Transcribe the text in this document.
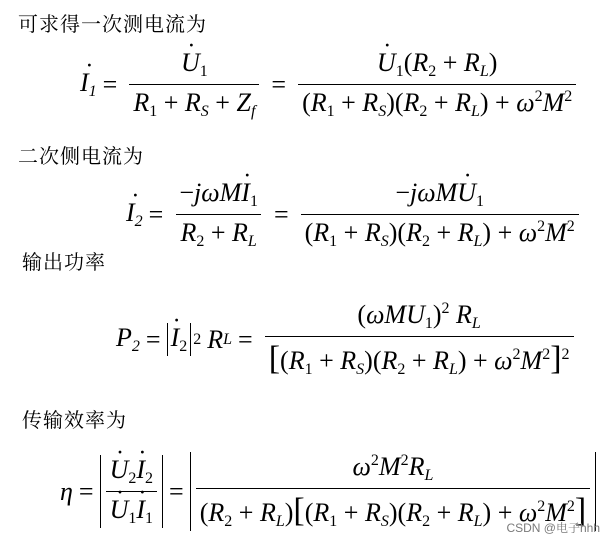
可求得一次测电流为
$I_1$ · = $\frac{U \cdot_1}{R_1 + R_S + Z_f} = \frac{U \cdot_1(R_2 + R_L)}{(R_1 + R_S)(R_2 + R_L) + \omega^2M^2}$
二次侧电流为
$I_2$ · = $\frac{-j\omega MI \cdot_1}{R_2 + R_L} = \frac{-j\omega MU \cdot_1}{(R_1 + R_S)(R_2 + R_L) + \omega^2M^2}$
输出功率
$P_2 = I \cdot_2$ 2 R $L = \frac{(\omega MU_1)^2 R_L}{[(R_1 + R_S)(R_2 + R_L) + \omega^2M^2]^2}$
传输效率为
$\eta = \frac{U \cdot_2I \cdot_2}{U \cdot_1I \cdot_1} = \frac{\omega^2M^2R_L}{(R_2 + R_L)[(R_1 + R_S)(R_2 + R_L) + \omega^2M^2]}$
CSDN @电子hhh
